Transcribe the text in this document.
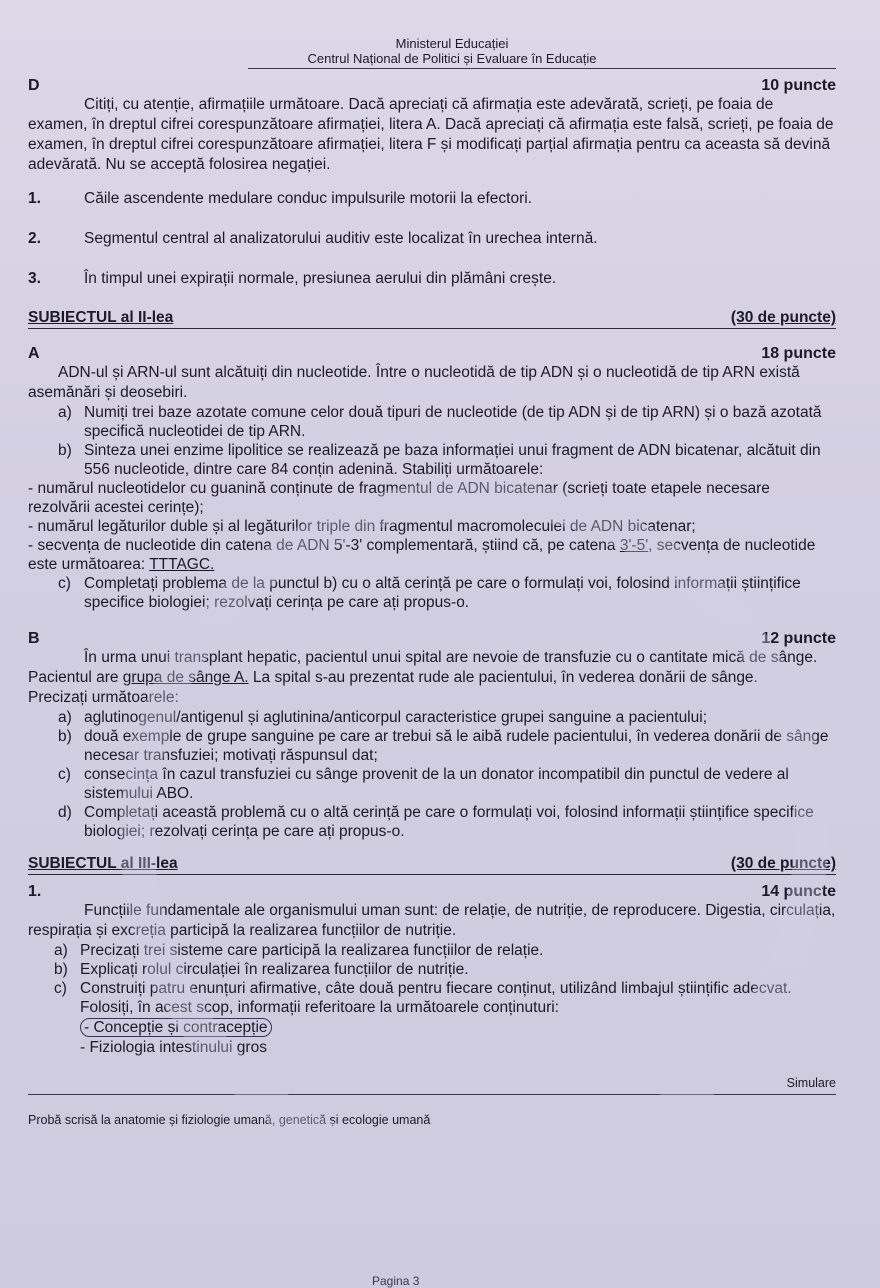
Ministerul Educației
Centrul Național de Politici și Evaluare în Educație
D	10 puncte

Citiți, cu atenție, afirmațiile următoare. Dacă apreciați că afirmația este adevărată, scrieți, pe foaia de examen, în dreptul cifrei corespunzătoare afirmației, litera A. Dacă apreciați că afirmația este falsă, scrieți, pe foaia de examen, în dreptul cifrei corespunzătoare afirmației, litera F și modificați parțial afirmația pentru ca aceasta să devină adevărată. Nu se acceptă folosirea negației.

1.	Căile ascendente medulare conduc impulsurile motorii la efectori.
2.	Segmentul central al analizatorului auditiv este localizat în urechea internă.
3.	În timpul unei expirații normale, presiunea aerului din plămâni crește.
SUBIECTUL al II-lea	(30 de puncte)
A	18 puncte

ADN-ul și ARN-ul sunt alcătuiți din nucleotide. Între o nucleotidă de tip ADN și o nucleotidă de tip ARN există asemănări și deosebiri.

a) Numiți trei baze azotate comune celor două tipuri de nucleotide (de tip ADN și de tip ARN) și o bază azotată specifică nucleotidei de tip ARN.
b) Sinteza unei enzime lipolitice se realizează pe baza informației unui fragment de ADN bicatenar, alcătuit din 556 nucleotide, dintre care 84 conțin adenină. Stabiliți următoarele:
- numărul nucleotidelor cu guanină conținute de fragmentul de ADN bicatenar (scrieți toate etapele necesare rezolvării acestei cerințe);
- numărul legăturilor duble și al legăturilor triple din fragmentul macromoleculei de ADN bicatenar;
- secvența de nucleotide din catena de ADN 5'-3' complementară, știind că, pe catena 3'-5', secvența de nucleotide este următoarea: TTTAGC.
c) Completați problema de la punctul b) cu o altă cerință pe care o formulați voi, folosind informații științifice specifice biologiei; rezolvați cerința pe care ați propus-o.
B	12 puncte

În urma unui transplant hepatic, pacientul unui spital are nevoie de transfuzie cu o cantitate mică de sânge. Pacientul are grupa de sânge A. La spital s-au prezentat rude ale pacientului, în vederea donării de sânge.

Precizați următoarele:
a) aglutinogenul/antigenul și aglutinina/anticorpul caracteristice grupei sanguine a pacientului;
b) două exemple de grupe sanguine pe care ar trebui să le aibă rudele pacientului, în vederea donării de sânge necesar transfuziei; motivați răspunsul dat;
c) consecința în cazul transfuziei cu sânge provenit de la un donator incompatibil din punctul de vedere al sistemului ABO.
d) Completați această problemă cu o altă cerință pe care o formulați voi, folosind informații științifice specifice biologiei; rezolvați cerința pe care ați propus-o.
SUBIECTUL al III-lea	(30 de puncte)
1.	14 puncte

Funcțiile fundamentale ale organismului uman sunt: de relație, de nutriție, de reproducere. Digestia, circulația, respirația și excreția participă la realizarea funcțiilor de nutriție.

a) Precizați trei sisteme care participă la realizarea funcțiilor de relație.
b) Explicați rolul circulației în realizarea funcțiilor de nutriție.
c) Construiți patru enunțuri afirmative, câte două pentru fiecare conținut, utilizând limbajul științific adecvat.
Folosiți, în acest scop, informații referitoare la următoarele conținuturi:
- Concepție și contracepție
- Fiziologia intestinului gros
Simulare
Probă scrisă la anatomie și fiziologie umană, genetică și ecologie umană
Pagina 3
